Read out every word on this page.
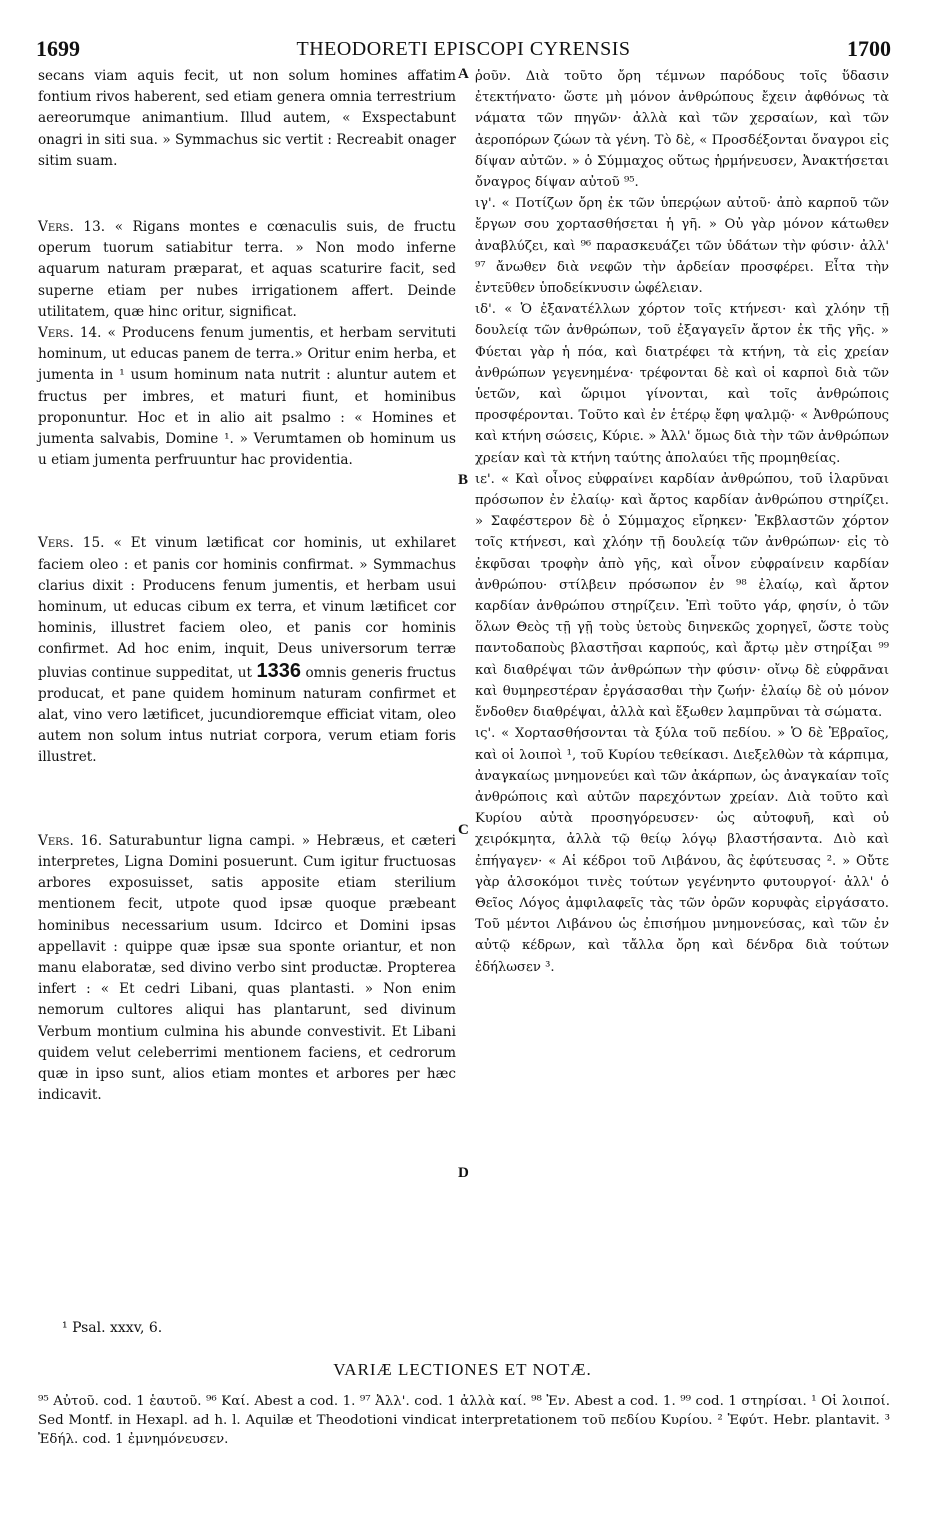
1699	THEODORETI EPISCOPI CYRENSIS	1700

secans viam aquis fecit, ut non solum homines affatim fontium rivos haberent, sed etiam genera omnia terrestrium aereorumque animantium. Illud autem, « Exspectabunt onagri in siti sua. » Symmachus sic vertit : Recreabit onager sitim suam.

Vers. 13. « Rigans montes e cœnaculis suis, de fructu operum tuorum satiabitur terra. » Non modo inferne aquarum naturam præparat, et aquas scaturire facit, sed superne etiam per nubes irrigationem affert. Deinde utilitatem, quæ hinc oritur, significat.

Vers. 14. « Producens fenum jumentis, et herbam servituti hominum, ut educas panem de terra.» Oritur enim herba, et jumenta in ¹ usum hominum nata nutrit : aluntur autem et fructus per imbres, et maturi fiunt, et hominibus proponuntur. Hoc et in alio ait psalmo : « Homines et jumenta salvabis, Domine ¹. » Verumtamen ob hominum us u etiam jumenta perfruuntur hac providentia.

Vers. 15. « Et vinum lætificat cor hominis, ut exhilaret faciem oleo : et panis cor hominis confirmat. » Symmachus clarius dixit : Producens fenum jumentis, et herbam usui hominum, ut educas cibum ex terra, et vinum lætificet cor hominis, illustret faciem oleo, et panis cor hominis confirmet. Ad hoc enim, inquit, Deus universorum terræ pluvias continue suppeditat, ut 1336 omnis generis fructus producat, et pane quidem hominum naturam confirmet et alat, vino vero lætificet, jucundioremque efficiat vitam, oleo autem non solum intus nutriat corpora, verum etiam foris illustret.

Vers. 16. Saturabuntur ligna campi. » Hebræus, et cæteri interpretes, Ligna Domini posuerunt. Cum igitur fructuosas arbores exposuisset, satis apposite etiam sterilium mentionem fecit, utpote quod ipsæ quoque præbeant hominibus necessarium usum. Idcirco et Domini ipsas appellavit : quippe quæ ipsæ sua sponte oriantur, et non manu elaboratæ, sed divino verbo sint productæ. Propterea infert : « Et cedri Libani, quas plantasti. » Non enim nemorum cultores aliqui has plantarunt, sed divinum Verbum montium culmina his abunde convestivit. Et Libani quidem velut celeberrimi mentionem faciens, et cedrorum quæ in ipso sunt, alios etiam montes et arbores per hæc indicavit.

A
B
C
D

ῥοῦν. Διὰ τοῦτο ὄρη τέμνων παρόδους τοῖς ὕδασιν ἐτεκτήνατο· ὥστε μὴ μόνον ἀνθρώπους ἔχειν ἀφθόνως τὰ νάματα τῶν πηγῶν· ἀλλὰ καὶ τῶν χερσαίων, καὶ τῶν ἀεροπόρων ζώων τὰ γένη. Τὸ δὲ, « Προσδέξονται ὄναγροι εἰς δίψαν αὐτῶν. » ὁ Σύμμαχος οὕτως ἡρμήνευσεν, Ἀνακτήσεται ὄναγρος δίψαν αὐτοῦ ⁹⁵.

ιγ'. « Ποτίζων ὄρη ἐκ τῶν ὑπερῴων αὐτοῦ· ἀπὸ καρποῦ τῶν ἔργων σου χορτασθήσεται ἡ γῆ. » Οὐ γὰρ μόνον κάτωθεν ἀναβλύζει, καὶ ⁹⁶ παρασκευάζει τῶν ὑδάτων τὴν φύσιν· ἀλλ' ⁹⁷ ἄνωθεν διὰ νεφῶν τὴν ἀρδείαν προσφέρει. Εἶτα τὴν ἐντεῦθεν ὑποδείκνυσιν ὠφέλειαν.

ιδ'. « Ὁ ἐξανατέλλων χόρτον τοῖς κτήνεσι· καὶ χλόην τῇ δουλείᾳ τῶν ἀνθρώπων, τοῦ ἐξαγαγεῖν ἄρτον ἐκ τῆς γῆς. » Φύεται γὰρ ἡ πόα, καὶ διατρέφει τὰ κτήνη, τὰ εἰς χρείαν ἀνθρώπων γεγενημένα· τρέφονται δὲ καὶ οἱ καρποὶ διὰ τῶν ὑετῶν, καὶ ὥριμοι γίνονται, καὶ τοῖς ἀνθρώποις προσφέρονται. Τοῦτο καὶ ἐν ἑτέρῳ ἔφη ψαλμῷ· « Ἀνθρώπους καὶ κτήνη σώσεις, Κύριε. » Ἀλλ' ὅμως διὰ τὴν τῶν ἀνθρώπων χρείαν καὶ τὰ κτήνη ταύτης ἀπολαύει τῆς προμηθείας.

ιε'. « Καὶ οἶνος εὐφραίνει καρδίαν ἀνθρώπου, τοῦ ἱλαρῦναι πρόσωπον ἐν ἐλαίῳ· καὶ ἄρτος καρδίαν ἀνθρώπου στηρίζει. » Σαφέστερον δὲ ὁ Σύμμαχος εἴρηκεν· Ἐκβλαστῶν χόρτον τοῖς κτήνεσι, καὶ χλόην τῇ δουλείᾳ τῶν ἀνθρώπων· εἰς τὸ ἐκφῦσαι τροφὴν ἀπὸ γῆς, καὶ οἶνον εὐφραίνειν καρδίαν ἀνθρώπου· στίλβειν πρόσωπον ἐν ⁹⁸ ἐλαίῳ, καὶ ἄρτον καρδίαν ἀνθρώπου στηρίζειν. Ἐπὶ τοῦτο γάρ, φησίν, ὁ τῶν ὅλων Θεὸς τῇ γῇ τοὺς ὑετοὺς διηνεκῶς χορηγεῖ, ὥστε τοὺς παντοδαποὺς βλαστῆσαι καρπούς, καὶ ἄρτῳ μὲν στηρίξαι ⁹⁹ καὶ διαθρέψαι τῶν ἀνθρώπων τὴν φύσιν· οἴνῳ δὲ εὐφρᾶναι καὶ θυμηρεστέραν ἐργάσασθαι τὴν ζωήν· ἐλαίῳ δὲ οὐ μόνον ἔνδοθεν διαθρέψαι, ἀλλὰ καὶ ἔξωθεν λαμπρῦναι τὰ σώματα.

ις'. « Χορτασθήσονται τὰ ξύλα τοῦ πεδίου. » Ὁ δὲ Ἑβραῖος, καὶ οἱ λοιποὶ ¹, τοῦ Κυρίου τεθείκασι. Διεξελθὼν τὰ κάρπιμα, ἀναγκαίως μνημονεύει καὶ τῶν ἀκάρπων, ὡς ἀναγκαίαν τοῖς ἀνθρώποις καὶ αὐτῶν παρεχόντων χρείαν. Διὰ τοῦτο καὶ Κυρίου αὐτὰ προσηγόρευσεν· ὡς αὐτοφυῆ, καὶ οὐ χειρόκμητα, ἀλλὰ τῷ θείῳ λόγῳ βλαστήσαντα. Διὸ καὶ ἐπήγαγεν· « Αἱ κέδροι τοῦ Λιβάνου, ἃς ἐφύτευσας ². » Οὔτε γὰρ ἀλσοκόμοι τινὲς τούτων γεγένηντο φυτουργοί· ἀλλ' ὁ Θεῖος Λόγος ἀμφιλαφεῖς τὰς τῶν ὀρῶν κορυφὰς εἰργάσατο. Τοῦ μέντοι Λιβάνου ὡς ἐπισήμου μνημονεύσας, καὶ τῶν ἐν αὐτῷ κέδρων, καὶ τἄλλα ὄρη καὶ δένδρα διὰ τούτων ἐδήλωσεν ³.

¹ Psal. xxxv, 6.
VARIÆ LECTIONES ET NOTÆ.
⁹⁵ Αὐτοῦ. cod. 1 ἑαυτοῦ. ⁹⁶ Καί. Abest a cod. 1. ⁹⁷ Ἀλλ'. cod. 1 ἀλλὰ καί. ⁹⁸ Ἐν. Abest a cod. 1. ⁹⁹ cod. 1 στηρίσαι. ¹ Οἱ λοιποί. Sed Montf. in Hexapl. ad h. l. Aquilæ et Theodotioni vindicat interpretationem τοῦ πεδίου Κυρίου. ² Ἐφύτ. Hebr. plantavit. ³ Ἐδήλ. cod. 1 ἐμνημόνευσεν.
